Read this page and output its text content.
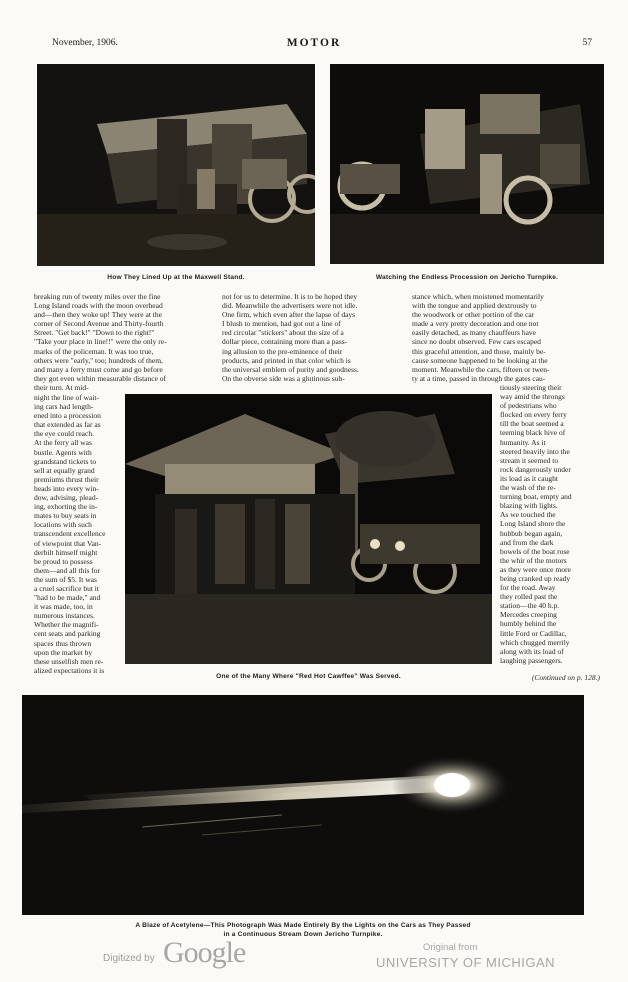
November, 1906.	MOTOR	57
How They Lined Up at the Maxwell Stand.	Watching the Endless Procession on Jericho Turnpike.
breaking run of twenty miles over the fine
Long Island roads with the moon overhead
and—then they woke up! They were at the
corner of Second Avenue and Thirty-fourth
Street. "Get back!" "Down to the right!"
"Take your place in line!!" were the only re-
marks of the policeman. It was too true,
others were "early," too; hundreds of them,
and many a ferry must come and go before
they got even within measurable distance of
their turn. At mid-
night the line of wait-
ing cars had length-
ened into a procession
that extended as far as
the eye could reach.
At the ferry all was
bustle. Agents with
grandstand tickets to
sell at equally grand
premiums thrust their
heads into every win-
dow, advising, plead-
ing, exhorting the in-
mates to buy seats in
locations with such
transcendent excellence
of viewpoint that Van-
derbilt himself might
be proud to possess
them—and all this for
the sum of $5. It was
a cruel sacrifice but it
"had to be made," and
it was made, too, in
numerous instances.
Whether the magnifi-
cent seats and parking
spaces thus thrown
upon the market by
these unselfish men re-
alized expectations it is
not for us to determine. It is to be hoped they
did. Meanwhile the advertisers were not idle.
One firm, which even after the lapse of days
I blush to mention, had got out a line of
red circular "stickers" about the size of a
dollar piece, containing more than a pass-
ing allusion to the pre-eminence of their
products, and printed in that color which is
the universal emblem of purity and goodness.
On the obverse side was a glutinous sub-
stance which, when moistened momentarily
with the tongue and applied dextrously to
the woodwork or other portion of the car
made a very pretty decoration and one not
easily detached, as many chauffeurs have
since no doubt observed. Few cars escaped
this graceful attention, and those, mainly be-
cause someone happened to be looking at the
moment. Meanwhile the cars, fifteen or twen-
ty at a time, passed in through the gates cau-
tiously steering their
way amid the throngs
of pedestrians who
flocked on every ferry
till the boat seemed a
teeming black hive of
humanity. As it
steered heavily into the
stream it seemed to
rock dangerously under
its load as it caught
the wash of the re-
turning boat, empty and
blazing with lights.
As we touched the
Long Island shore the
hubbub began again,
and from the dark
bowels of the boat rose
the whir of the motors
as they were once more
being cranked up ready
for the road. Away
they rolled past the
station—the 40 h.p.
Mercedes creeping
humbly behind the
little Ford or Cadillac,
which chugged merrily
along with its load of
laughing passengers.
(Continued on p. 128.)
One of the Many Where "Red Hot Cawffee" Was Served.
A Blaze of Acetylene—This Photograph Was Made Entirely By the Lights on the Cars as They Passed
in a Continuous Stream Down Jericho Turnpike.
Digitized by Google	Original from
UNIVERSITY OF MICHIGAN
